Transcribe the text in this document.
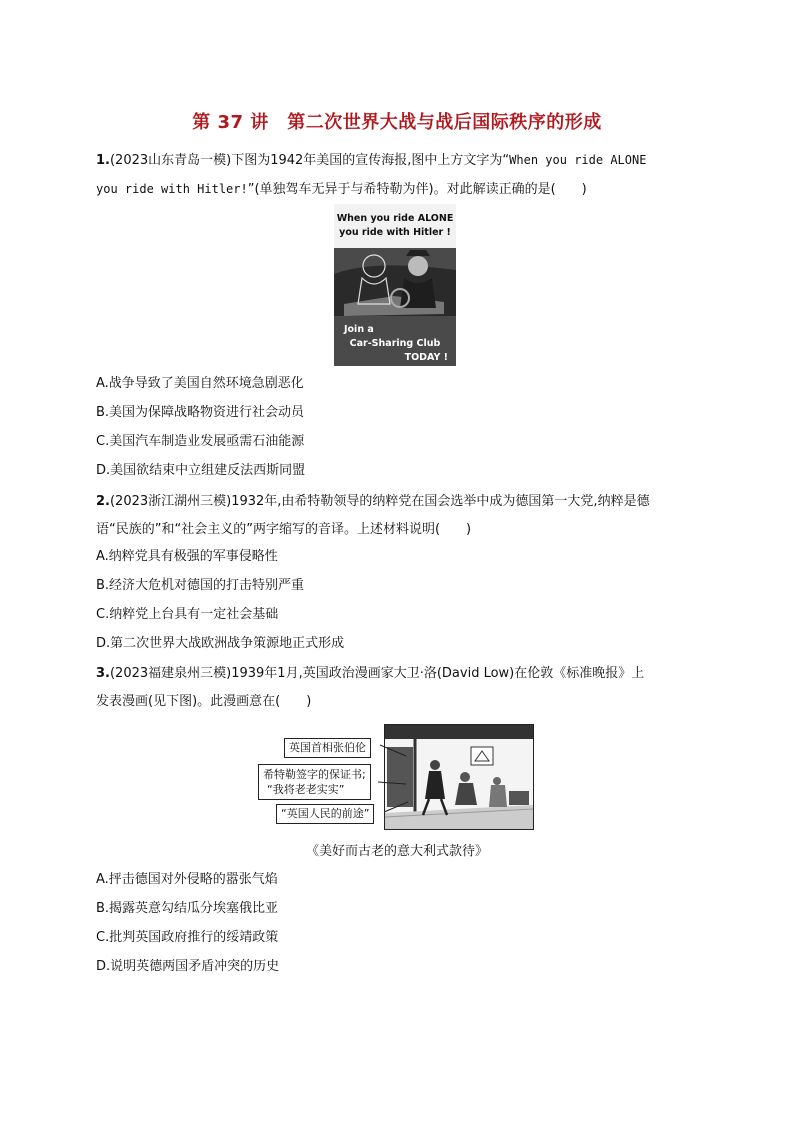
第 37 讲　第二次世界大战与战后国际秩序的形成
1.(2023山东青岛一模)下图为1942年美国的宣传海报,图中上方文字为“When you ride ALONE
you ride with Hitler!”(单独驾车无异于与希特勒为伴)。对此解读正确的是(　　)
When you ride ALONE
you ride with Hitler !
Join a
Car-Sharing Club
TODAY !
A.战争导致了美国自然环境急剧恶化
B.美国为保障战略物资进行社会动员
C.美国汽车制造业发展亟需石油能源
D.美国欲结束中立组建反法西斯同盟
2.(2023浙江湖州三模)1932年,由希特勒领导的纳粹党在国会选举中成为德国第一大党,纳粹是德
语“民族的”和“社会主义的”两字缩写的音译。上述材料说明(　　)
A.纳粹党具有极强的军事侵略性
B.经济大危机对德国的打击特别严重
C.纳粹党上台具有一定社会基础
D.第二次世界大战欧洲战争策源地正式形成
3.(2023福建泉州三模)1939年1月,英国政治漫画家大卫·洛(David Low)在伦敦《标准晚报》上
发表漫画(见下图)。此漫画意在(　　)
英国首相张伯伦
希特勒签字的保证书;
“我将老老实实”
“英国人民的前途”
《美好而古老的意大利式款待》
A.抨击德国对外侵略的嚣张气焰
B.揭露英意勾结瓜分埃塞俄比亚
C.批判英国政府推行的绥靖政策
D.说明英德两国矛盾冲突的历史
